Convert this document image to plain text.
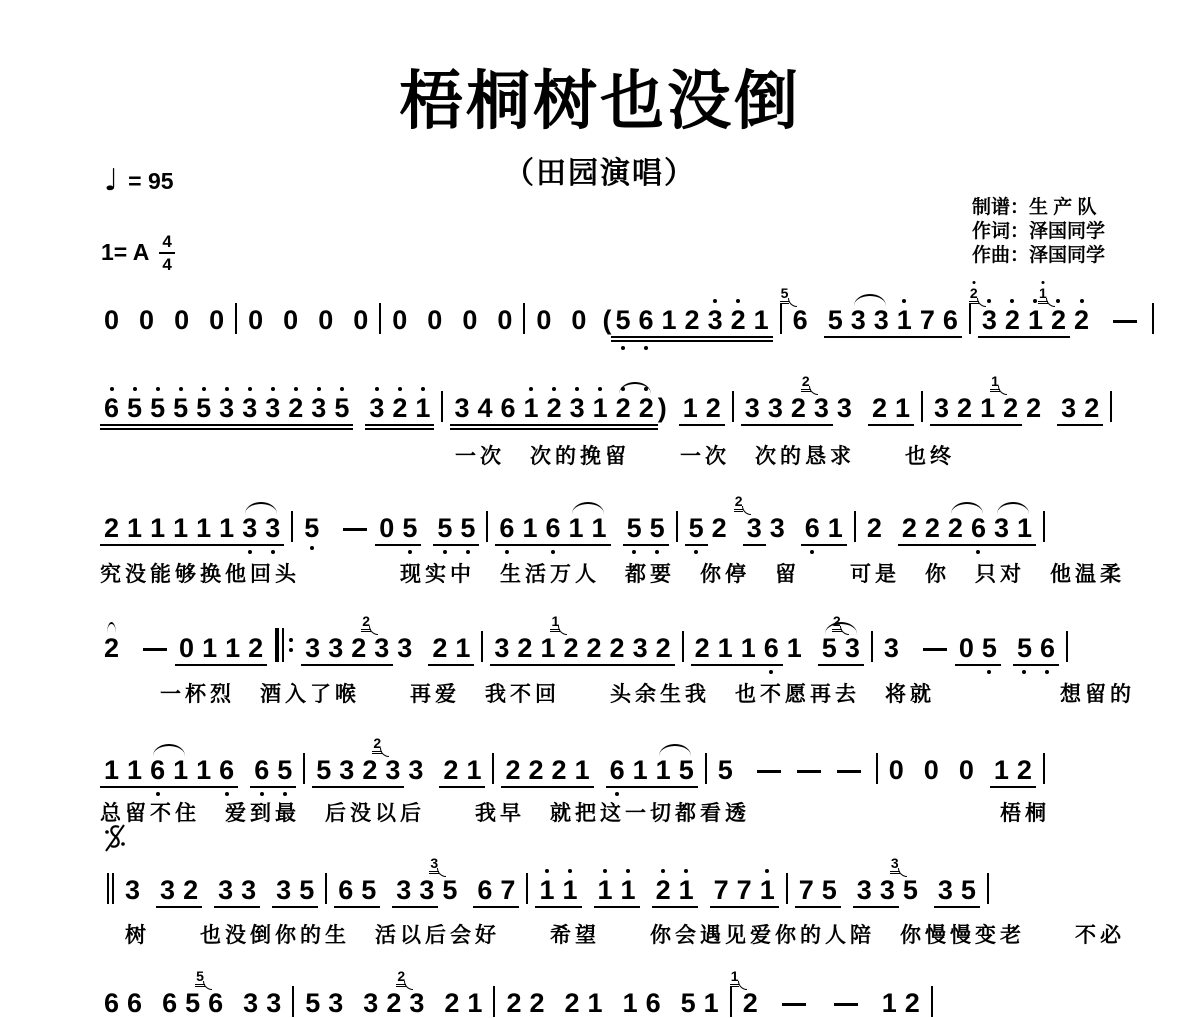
梧桐树也没倒
（田园演唱）
♩ = 95
1= A $\frac{4}{4}$
制谱：生 产 队
作词：泽国同学
作曲：泽国同学
0 0 0 0 0 0 0 0 0 0 0 0 0 0 ( 5 6 1 2 3 2 1 6
5
5 3 3 1 7 6 3
2
2 1 2
1
2
6 5 5 5 5 3 3 3 2 3 5 3 2 1 3 4 6 1 2 3 1 2 2 ) 1 2 3 3 2 3
2
3 2 1 3 2 1 2
1
2 3 2
一次　次的挽留　　一次　次的恳求　　也终
2 1 1 1 1 1 3 3 5 0 5 5 5 6 1 6 1 1 5 5 5 2 3
2
3 6 1 2 2 2 2 6 3 1
究没能够换他回头　　　　现实中　生活万人　都要　你停　留　　可是　你　只对　他温柔
2 0 1 1 2 3 3 2 3
2
3 2 1 3 2 1 2
1
2 2 3 2 2 1 1 6 1 5 3
2
3 0 5 5 6
一杯烈　酒入了喉　　再爱　我不回　　头余生我　也不愿再去　将就　　　　　想留的
1 1 6 1 1 6 6 5 5 3 2 3
2
3 2 1 2 2 2 1 6 1 1 5 5	0 0 0 1 2
总留不住　爱到最　后没以后　　我早　就把这一切都看透　　　　　　　　　　梧桐
3 3 2 3 3 3 5 6 5 3 3 5
3
6 7 1 1 1 1 2 1 7 7 1 7 5 3 3 5
3
3 5
树　　也没倒你的生　活以后会好　　希望　　你会遇见爱你的人陪　你慢慢变老　　不必
6 6 6 5 6
5
3 3 5 3 3 2 3
2
2 1 2 2 2 1 1 6 5 1 2
1
1 2
